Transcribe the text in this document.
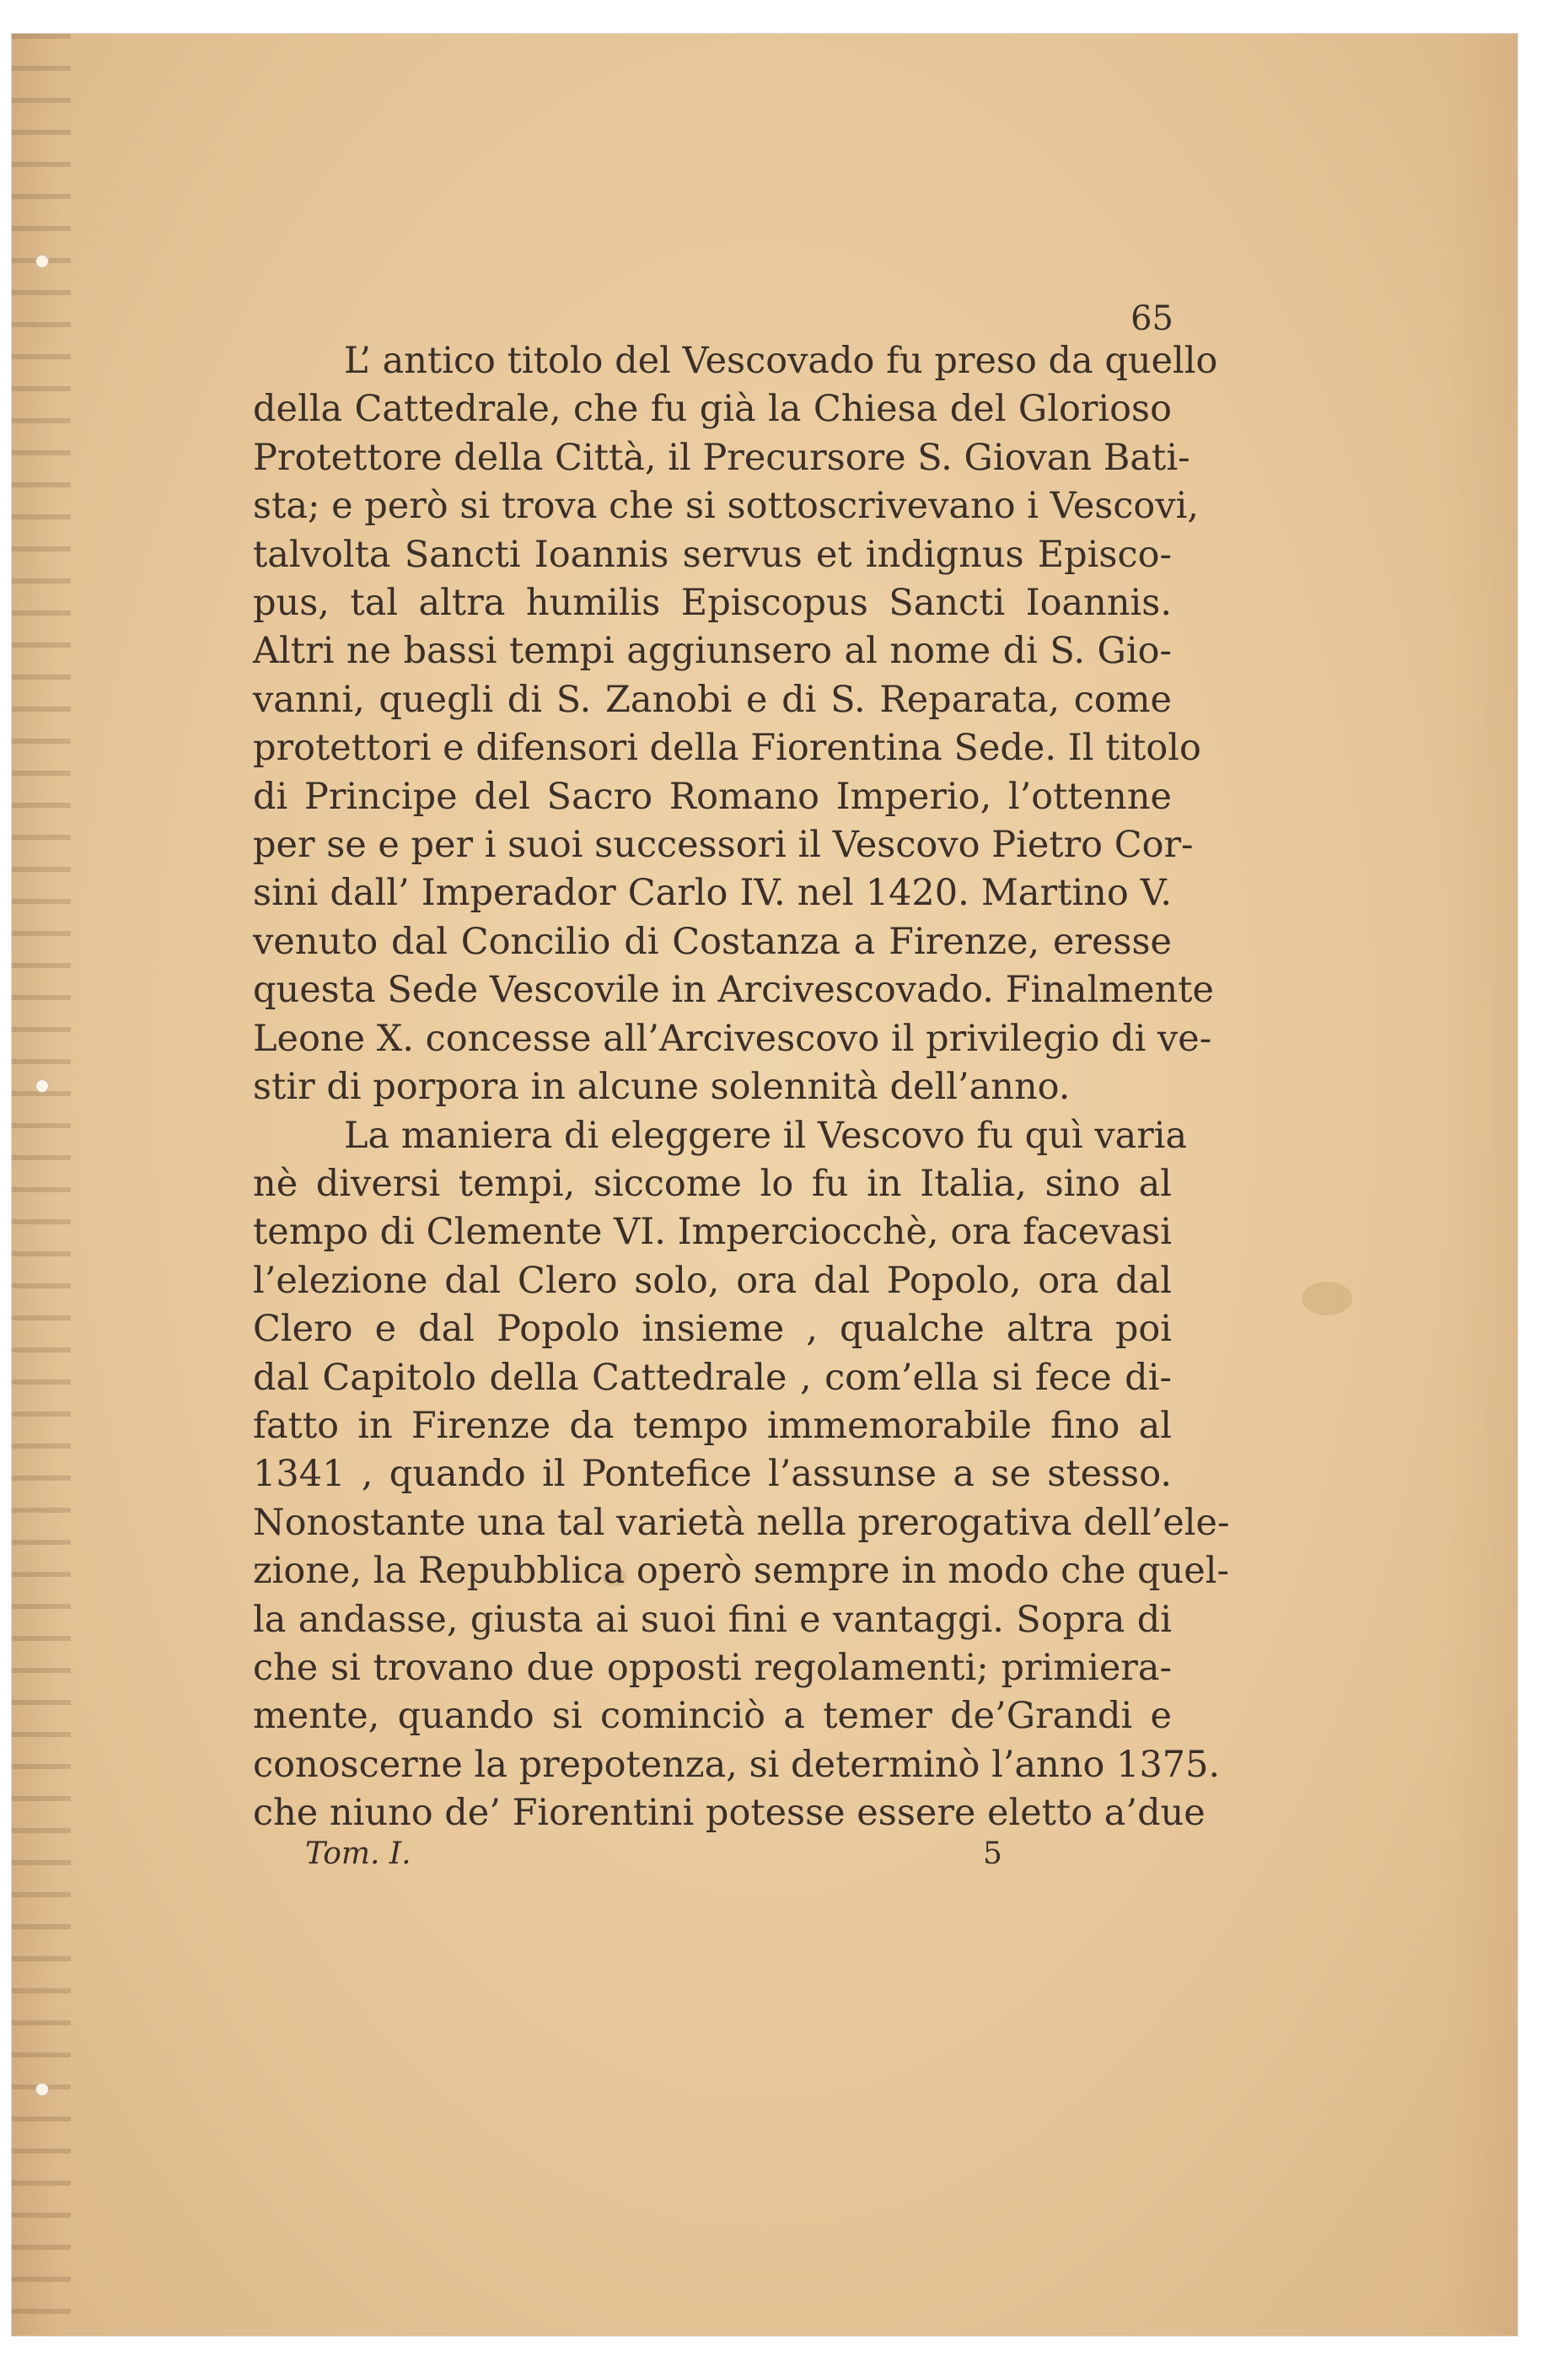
65
L’ antico titolo del Vescovado fu preso da quello
della Cattedrale, che fu già la Chiesa del Glorioso
Protettore della Città, il Precursore S. Giovan Bati-
sta; e però si trova che si sottoscrivevano i Vescovi,
talvolta Sancti Ioannis servus et indignus Episco-
pus, tal altra humilis Episcopus Sancti Ioannis.
Altri ne bassi tempi aggiunsero al nome di S. Gio-
vanni, quegli di S. Zanobi e di S. Reparata, come
protettori e difensori della Fiorentina Sede. Il titolo
di Principe del Sacro Romano Imperio, l’ottenne
per se e per i suoi successori il Vescovo Pietro Cor-
sini dall’ Imperador Carlo IV. nel 1420. Martino V.
venuto dal Concilio di Costanza a Firenze, eresse
questa Sede Vescovile in Arcivescovado. Finalmente
Leone X. concesse all’Arcivescovo il privilegio di ve-
stir di porpora in alcune solennità dell’anno.
La maniera di eleggere il Vescovo fu quì varia
nè diversi tempi, siccome lo fu in Italia, sino al
tempo di Clemente VI. Imperciocchè, ora facevasi
l’elezione dal Clero solo, ora dal Popolo, ora dal
Clero e dal Popolo insieme , qualche altra poi
dal Capitolo della Cattedrale , com’ella si fece di-
fatto in Firenze da tempo immemorabile fino al
1341 , quando il Pontefice l’assunse a se stesso.
Nonostante una tal varietà nella prerogativa dell’ele-
zione, la Repubblica operò sempre in modo che quel-
la andasse, giusta ai suoi fini e vantaggi. Sopra di
che si trovano due opposti regolamenti; primiera-
mente, quando si cominciò a temer de’Grandi e
conoscerne la prepotenza, si determinò l’anno 1375.
che niuno de’ Fiorentini potesse essere eletto a’due
Tom. I.	5
